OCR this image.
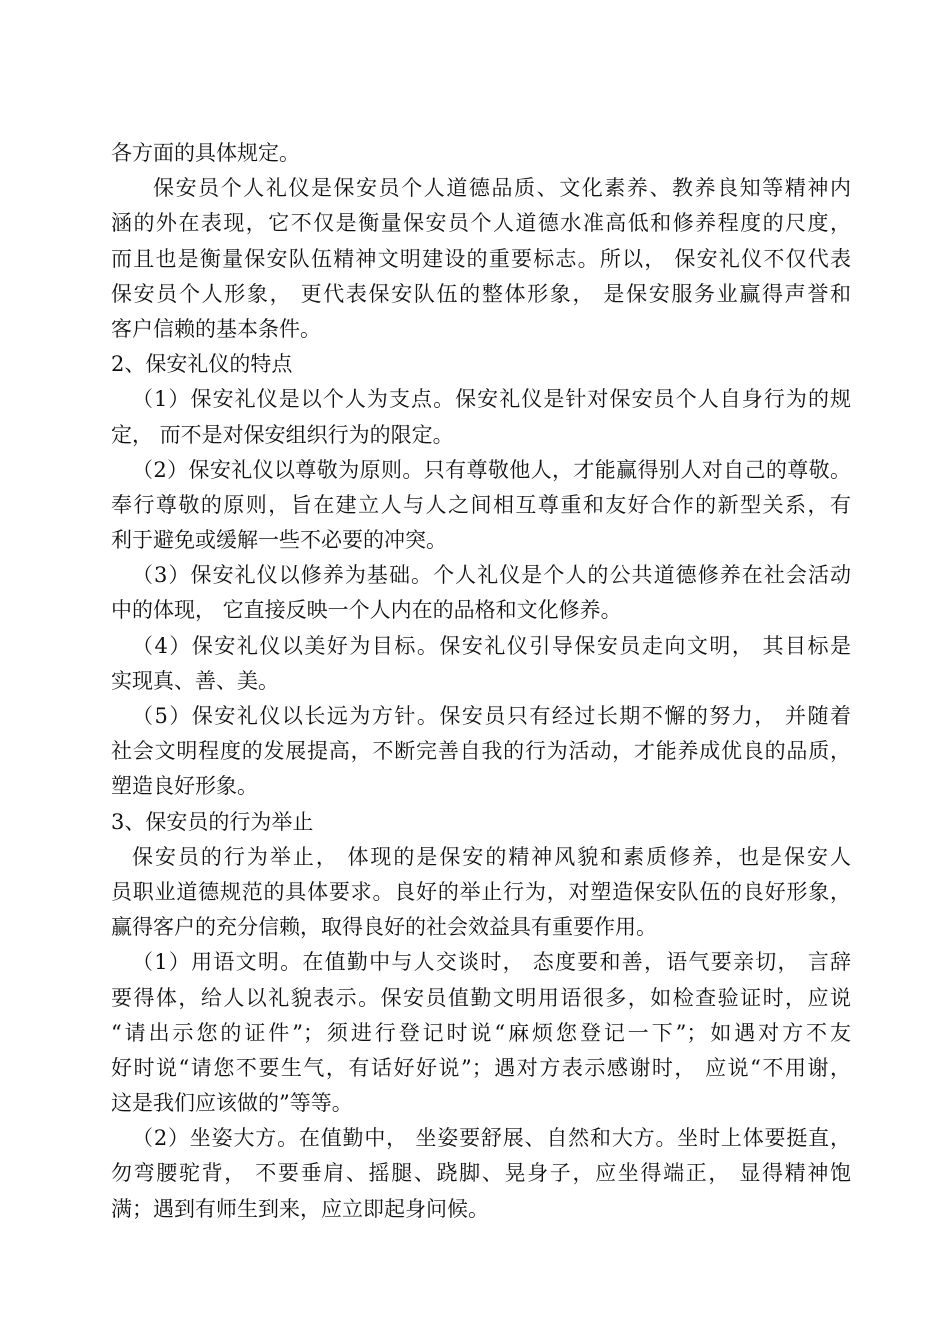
各方面的具体规定。
保安员个人礼仪是保安员个人道德品质、文化素养、教养良知等精神内
涵的外在表现，它不仅是衡量保安员个人道德水准高低和修养程度的尺度，
而且也是衡量保安队伍精神文明建设的重要标志。所以， 保安礼仪不仅代表
保安员个人形象， 更代表保安队伍的整体形象， 是保安服务业赢得声誉和
客户信赖的基本条件。
2、保安礼仪的特点
（1）保安礼仪是以个人为支点。保安礼仪是针对保安员个人自身行为的规
定， 而不是对保安组织行为的限定。
（2）保安礼仪以尊敬为原则。只有尊敬他人，才能赢得别人对自己的尊敬。
奉行尊敬的原则，旨在建立人与人之间相互尊重和友好合作的新型关系，有
利于避免或缓解一些不必要的冲突。
（3）保安礼仪以修养为基础。个人礼仪是个人的公共道德修养在社会活动
中的体现， 它直接反映一个人内在的品格和文化修养。
（4）保安礼仪以美好为目标。保安礼仪引导保安员走向文明， 其目标是
实现真、善、美。
（5）保安礼仪以长远为方针。保安员只有经过长期不懈的努力， 并随着
社会文明程度的发展提高，不断完善自我的行为活动，才能养成优良的品质，
塑造良好形象。
3、保安员的行为举止
保安员的行为举止， 体现的是保安的精神风貌和素质修养，也是保安人
员职业道德规范的具体要求。良好的举止行为，对塑造保安队伍的良好形象，
赢得客户的充分信赖，取得良好的社会效益具有重要作用。
（1）用语文明。在值勤中与人交谈时， 态度要和善，语气要亲切， 言辞
要得体，给人以礼貌表示。保安员值勤文明用语很多，如检查验证时，应说
“请出示您的证件”；须进行登记时说“麻烦您登记一下”；如遇对方不友
好时说“请您不要生气，有话好好说”；遇对方表示感谢时， 应说“不用谢，
这是我们应该做的”等等。
（2）坐姿大方。在值勤中， 坐姿要舒展、自然和大方。坐时上体要挺直，
勿弯腰驼背， 不要垂肩、摇腿、跷脚、晃身子，应坐得端正， 显得精神饱
满；遇到有师生到来，应立即起身问候。
